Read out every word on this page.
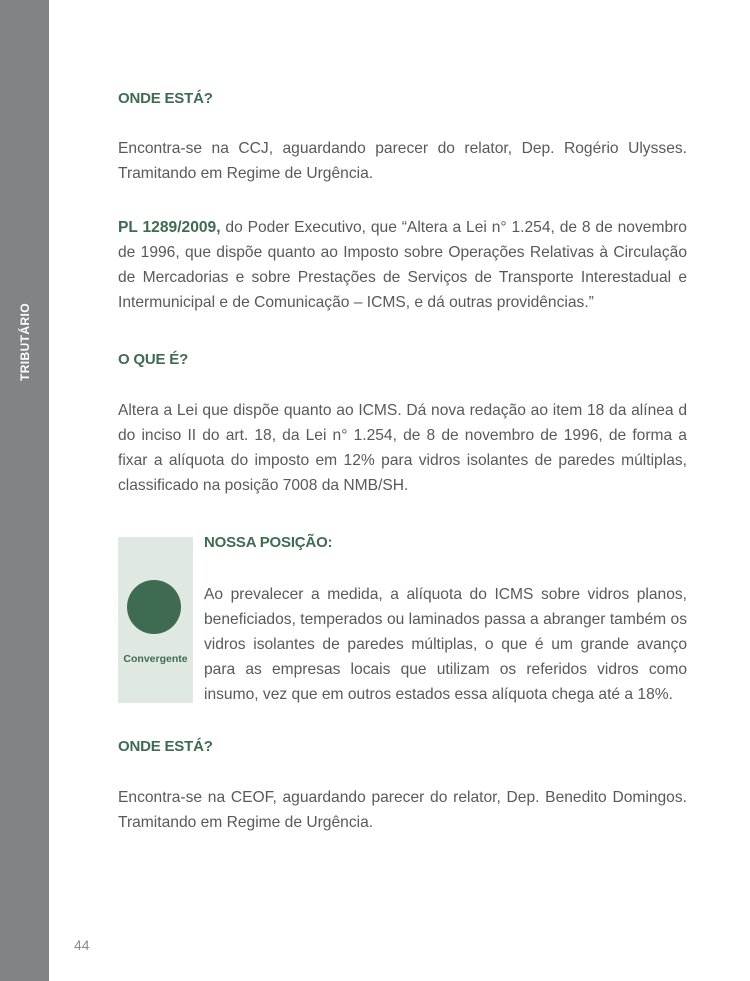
TRIBUTÁRIO
ONDE ESTÁ?

Encontra-se na CCJ, aguardando parecer do relator, Dep. Rogério Ulysses. Tramitando em Regime de Urgência.

PL 1289/2009, do Poder Executivo, que “Altera a Lei n° 1.254, de 8 de novembro de 1996, que dispõe quanto ao Imposto sobre Operações Relativas à Circulação de Mercadorias e sobre Prestações de Serviços de Transporte Interestadual e Intermunicipal e de Comunicação – ICMS, e dá outras providências.”

O QUE É?

Altera a Lei que dispõe quanto ao ICMS. Dá nova redação ao item 18 da alínea d do inciso II do art. 18, da Lei n° 1.254, de 8 de novembro de 1996, de forma a fixar a alíquota do imposto em 12% para vidros isolantes de paredes múltiplas, classificado na posição 7008 da NMB/SH.

Convergente
NOSSA POSIÇÃO:

Ao prevalecer a medida, a alíquota do ICMS sobre vidros planos, beneficiados, temperados ou laminados passa a abranger também os vidros isolantes de paredes múltiplas, o que é um grande avanço para as empresas locais que utilizam os referidos vidros como insumo, vez que em outros estados essa alíquota chega até a 18%.

ONDE ESTÁ?

Encontra-se na CEOF, aguardando parecer do relator, Dep. Benedito Domingos. Tramitando em Regime de Urgência.

44
